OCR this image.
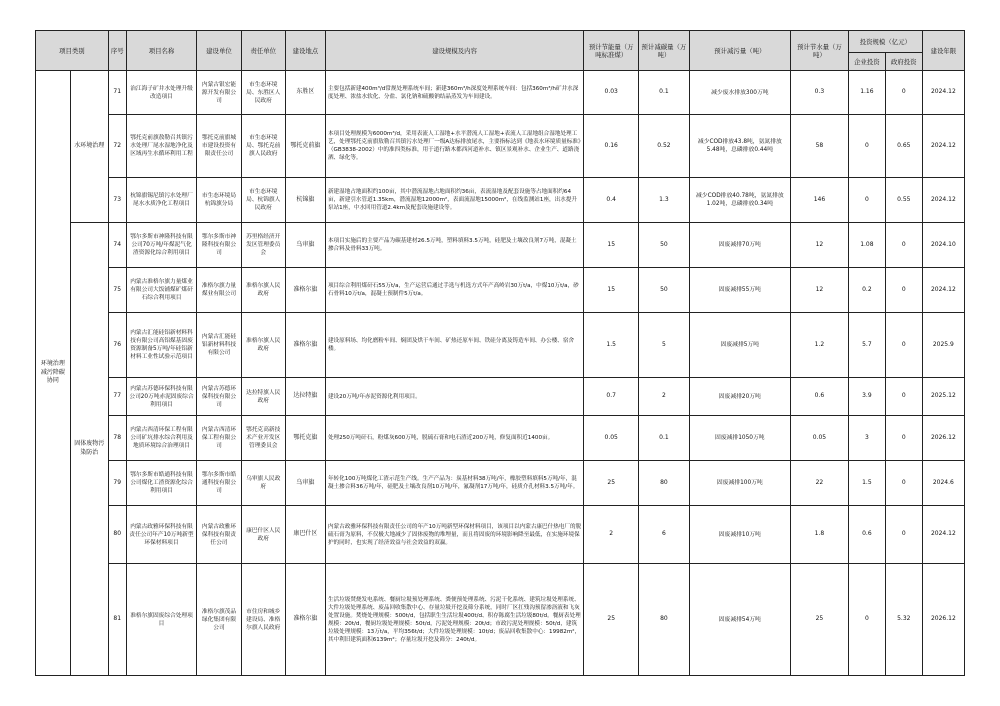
项目类别		序号	项目名称	建设单位	责任单位	建设地点	建设规模及内容	预计节能量（万吨标准煤）	预计减碳量（万吨）	预计减污量（吨）	预计节水量（万吨）	投资规模（亿元）		建设年限
												企业投资	政府投资	
环境治理减污降碳协同	水环境治理	71	治江海子矿井水处理升级改造项目	内蒙古银宏能源开发有限公司	市生态环境局、东胜区人民政府	东胜区	主要包括新建400m³/d常规处理系统车间；新建360m³/h深度处理系统车间：包括360m³/h矿井水深度处理、浓盐水软化、分盐、氯化钠和硫酸钠结晶蒸发为车间建设。	0.03	0.1	减少废水排放300万吨	0.3	1.16	0	2024.12
		72	鄂托克前旗敖勒召其镇污水处理厂尾水湿地净化及区域再生水循环利用工程	鄂托克前旗城市建设投资有限责任公司	市生态环境局、鄂托克前旗人民政府	鄂托克前旗	本项目处理规模为6000m³/d，采用表流人工湿地+水平潜流人工湿地+表流人工湿地组合湿地处理工艺，处理鄂托克前旗敖勒召其镇污水处理厂一级A达标排放尾水，主要指标达到《地表水环境质量标准》（GB3838-2002）中的准四类标准，用于道行路木都西河道补水、镇区景观补水、企业生产、道路浇洒、绿化等。	0.16	0.52	减少COD排放43.8吨，氨氮排放5.48吨，总磷排放0.44吨	58	0	0.65	2024.12
		73	杭锦旗锡尼镇污水处理厂尾水水质净化工程项目	市生态环境局杭锦旗分局	市生态环境局、杭锦旗人民政府	杭锦旗	新建湿地占地面积约100亩，其中潜流湿地占地面积约36亩，表流湿地及配套设施等占地面积约64亩，新建引水管道1.35km，潜流湿地12000m²，表面流湿地15000m²，在线监测站1座，出水提升泵站1座，中水回用管道2.4km及配套设施建设等。	0.4	1.3	减少COD排放40.78吨，氨氮排放1.02吨，总磷排放0.34吨	146	0	0.55	2024.12
	固体废物污染防治	74	鄂尔多斯市神隆科技有限公司70万吨/年煤泥气化渣资源化综合利用项目	鄂尔多斯市神隆科技有限公司	苏里格经济开发区管理委员会	乌审旗	本项目实施后的主要产品为碳基建材26.5万吨，塑料填料3.5万吨，硅肥及土壤改良剂7万吨，混凝土掺合料及骨料33万吨。	15	50	固废减排70万吨	12	1.08	0	2024.10
		75	内蒙古准格尔旗力量煤业有限公司大饭铺煤矿煤矸石综合利用项目	准格尔旗力量煤业有限公司	准格尔旗人民政府	准格尔旗	项目综合利用煤矸石55万t/a，生产运营后通过手选与机选方式年产高岭岩30万t/a，中煤10万t/a，砂石骨料10万t/a，混凝土预制件5万t/a。	15	50	固废减排55万吨	12	0.2	0	2024.12
		76	内蒙古汇能硅铝新材料科技有限公司高铝煤基固废资源制备5万吨/年硅铝新材料工业性试验示范项目	内蒙古汇能硅铝新材料科技有限公司	准格尔旗人民政府	准格尔旗	建设原料场、均化磨粉车间、焖团及烘干车间、矿热还原车间、铁硅分离及铸造车间、办公楼、宿舍楼。	1.5	5	固废减排5万吨	1.2	5.7	0	2025.9
		77	内蒙古苏德环保科技有限公司20万吨赤泥固废综合利用项目	内蒙古苏德环保科技有限公司	达拉特旗人民政府	达拉特旗	建设20万吨/年赤泥资源化利用项目。	0.7	2	固废减排20万吨	0.6	3.9	0	2025.12
		78	内蒙古西清环保工程有限公司矿坑排水综合利用及地质环境综合治理项目	内蒙古西清环保工程有限公司	鄂托克高新技术产业开发区管理委员会	鄂托克旗	处理250万吨矸石，粉煤灰600万吨，脱硫石膏和电石渣近200万吨，修复面积近1400亩。	0.05	0.1	固废减排1050万吨	0.05	3	0	2026.12
		79	鄂尔多斯市皓通科技有限公司煤化工渣资源化综合利用项目	鄂尔多斯市皓通科技有限公司	乌审旗人民政府	乌审旗	年转化100万吨煤化工渣示范生产线。生产产品为：炭基材料38万吨/年，橡胶塑料填料5万吨/年，混凝土掺合料36万吨/年，硅肥及土壤改良剂10万吨/年，氟凝剂17万吨/年，硅质介孔材料3.5万吨/年。	25	80	固废减排100万吨	22	1.5	0	2024.6
		80	内蒙古政雅环保科技有限责任公司年产10万吨新型环保材料项目	内蒙古政雅环保科技有限责任公司	康巴什区人民政府	康巴什区	内蒙古政雅环保科技有限责任公司的年产10万吨新型环保材料项目，该项目以内蒙古康巴什热电厂的脱硫石膏为原料，不仅极大地减少了固体废物的堆埋量，而且将固废的环境影响降至最低，在实施环境保护的同时，也实现了经济效益与社会效益的双赢。	2	6	固废减排10万吨	1.8	0.6	0	2024.12
		81	准格尔旗固废综合处理项目	准格尔旗茂品绿化集团有限公司	市住房和城乡建设局、准格尔旗人民政府	准格尔旗	生活垃圾焚烧发电系统、餐厨垃圾预处理系统、粪便预处理系统、污泥干化系统、建筑垃圾处理系统、大件垃圾处理系统、废品回收集散中心、存量垃圾开挖及筛分系统，同时厂区扛残沟预留渗沥液和飞灰处置设施。焚烧处理规模：500t/d，包括职生生活垃圾400t/d、积存陈腐生活垃圾80t/d。餐厨表处理规模：20t/d，餐厨垃圾处理规模：50t/d，污泥处理规模：20t/d；市政污泥处理规模：50t/d，建筑垃圾处理规模：13万t/a，平均356t/d；大件垃圾处理规模：10t/d；废品回收集散中心：19982m²，其中利旧建筑面积6139m²；存量垃圾开挖及筛分：240t/d。	25	80	固废减排54万吨	25	0	5.32	2026.12
